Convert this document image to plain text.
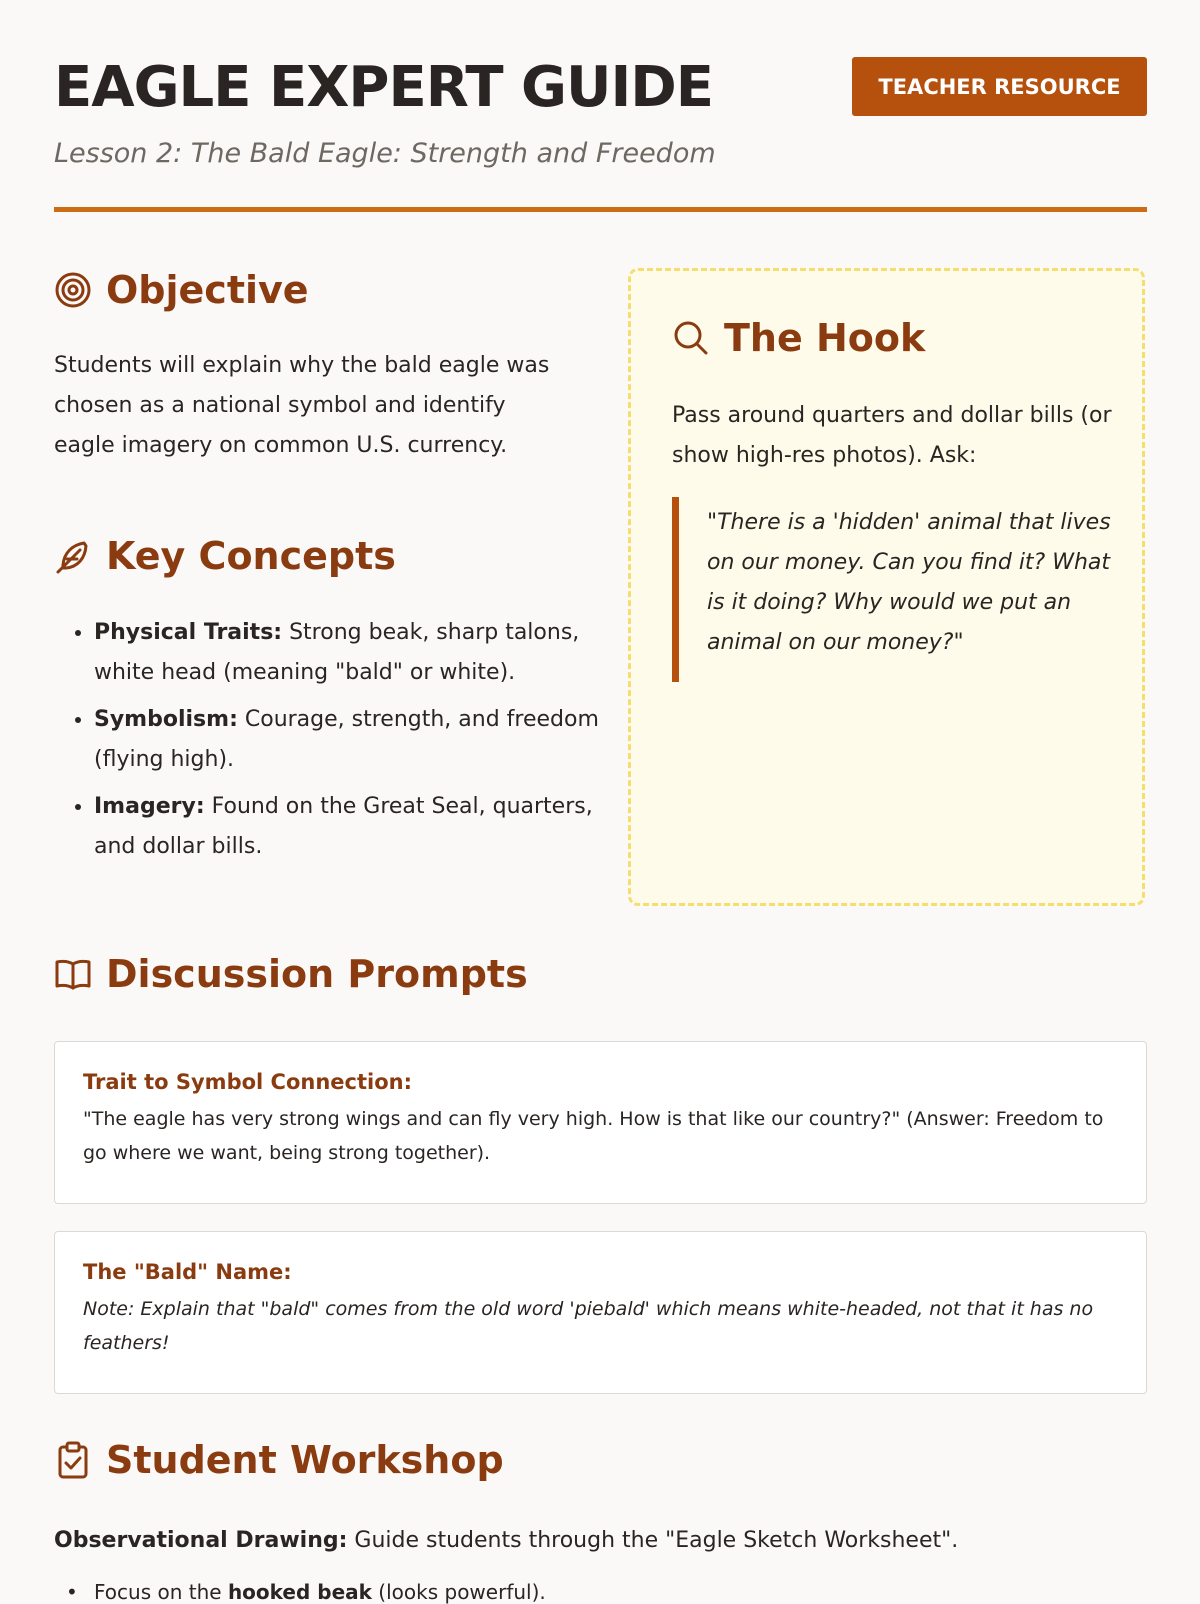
EAGLE EXPERT GUIDE	TEACHER RESOURCE

Lesson 2: The Bald Eagle: Strength and Freedom

Objective

Students will explain why the bald eagle was chosen as a national symbol and identify eagle imagery on common U.S. currency.

Key Concepts
• Physical Traits: Strong beak, sharp talons, white head (meaning "bald" or white).
• Symbolism: Courage, strength, and freedom (flying high).
• Imagery: Found on the Great Seal, quarters, and dollar bills.
The Hook

Pass around quarters and dollar bills (or show high-res photos). Ask:

"There is a 'hidden' animal that lives on our money. Can you find it? What is it doing? Why would we put an animal on our money?"
Discussion Prompts

Trait to Symbol Connection:

"The eagle has very strong wings and can fly very high. How is that like our country?" (Answer: Freedom to go where we want, being strong together).

The "Bald" Name:

Note: Explain that "bald" comes from the old word 'piebald' which means white-headed, not that it has no feathers!

Student Workshop

Observational Drawing: Guide students through the "Eagle Sketch Worksheet".

• Focus on the hooked beak (looks powerful).
